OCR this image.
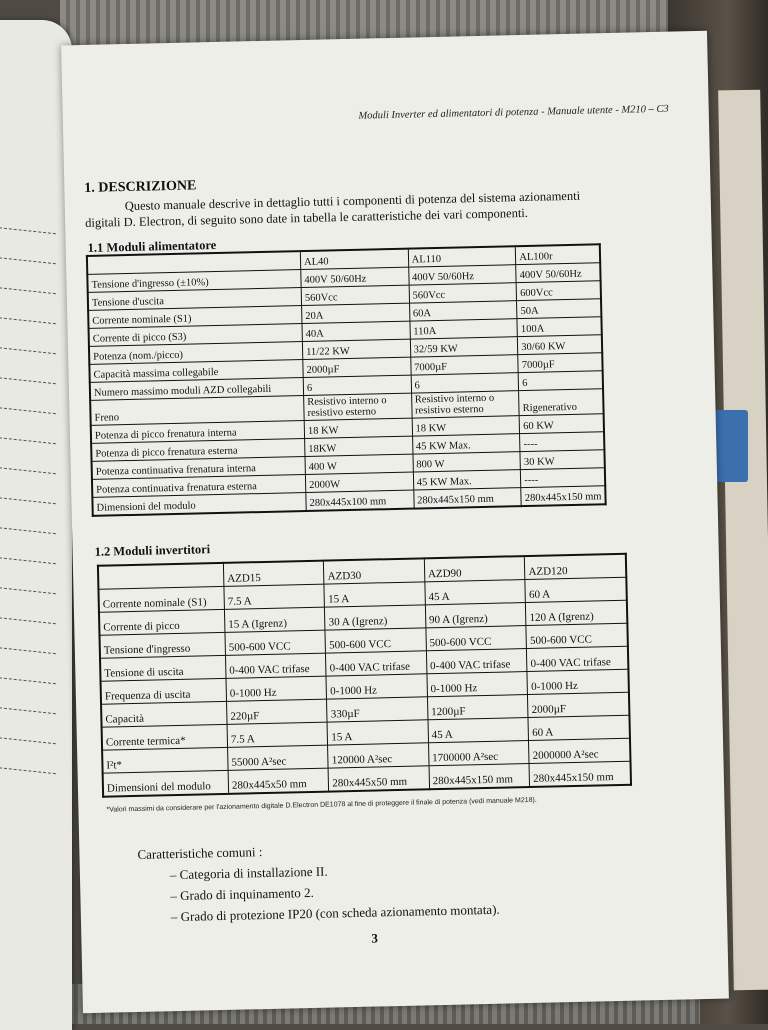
Moduli Inverter ed alimentatori di potenza - Manuale utente - M210 – C3
1. DESCRIZIONE
Questo manuale descrive in dettaglio tutti i componenti di potenza del sistema azionamenti digitali D. Electron, di seguito sono date in tabella le caratteristiche dei vari componenti.
1.1 Moduli alimentatore
	AL40	AL110	AL100r
Tensione d'ingresso (±10%)	400V 50/60Hz	400V 50/60Hz	400V 50/60Hz
Tensione d'uscita	560Vcc	560Vcc	600Vcc
Corrente nominale (S1)	20A	60A	50A
Corrente di picco (S3)	40A	110A	100A
Potenza (nom./picco)	11/22 KW	32/59 KW	30/60 KW
Capacità massima collegabile	2000µF	7000µF	7000µF
Numero massimo moduli AZD collegabili	6	6	6
Freno	Resistivo interno o resistivo esterno	Resistivo interno o resistivo esterno	Rigenerativo
Potenza di picco frenatura interna	18 KW	18 KW	60 KW
Potenza di picco frenatura esterna	18KW	45 KW Max.	----
Potenza continuativa frenatura interna	400 W	800 W	30 KW
Potenza continuativa frenatura esterna	2000W	45 KW Max.	----
Dimensioni del modulo	280x445x100 mm	280x445x150 mm	280x445x150 mm
1.2 Moduli invertitori
	AZD15	AZD30	AZD90	AZD120
Corrente nominale (S1)	7.5 A	15 A	45 A	60 A
Corrente di picco	15 A (Igrenz)	30 A (Igrenz)	90 A (Igrenz)	120 A (Igrenz)
Tensione d'ingresso	500-600 VCC	500-600 VCC	500-600 VCC	500-600 VCC
Tensione di uscita	0-400 VAC trifase	0-400 VAC trifase	0-400 VAC trifase	0-400 VAC trifase
Frequenza di uscita	0-1000 Hz	0-1000 Hz	0-1000 Hz	0-1000 Hz
Capacità	220µF	330µF	1200µF	2000µF
Corrente termica*	7.5 A	15 A	45 A	60 A
I²t*	55000 A²sec	120000 A²sec	1700000 A²sec	2000000 A²sec
Dimensioni del modulo	280x445x50 mm	280x445x50 mm	280x445x150 mm	280x445x150 mm
*Valori massimi da considerare per l'azionamento digitale D.Electron DE1078 al fine di proteggere il finale di potenza (vedi manuale M218).
Caratteristiche comuni :
– Categoria di installazione II.
– Grado di inquinamento 2.
– Grado di protezione IP20 (con scheda azionamento montata).
3
